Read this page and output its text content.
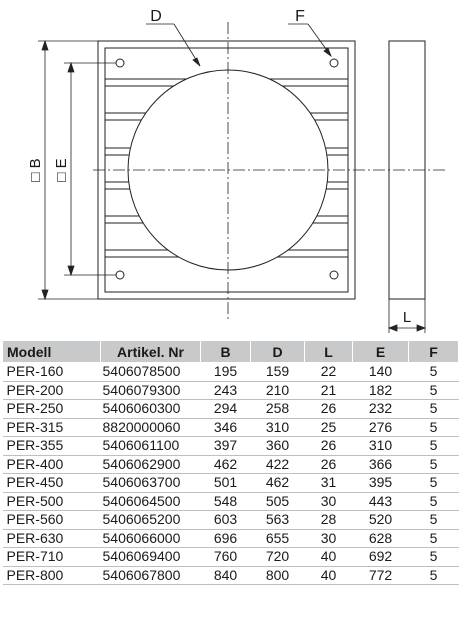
□ B □ E
D	F
L
Modell	Artikel. Nr	B	D	L	E	F
PER-160	5406078500	195	159	22	140	5
PER-200	5406079300	243	210	21	182	5
PER-250	5406060300	294	258	26	232	5
PER-315	8820000060	346	310	25	276	5
PER-355	5406061100	397	360	26	310	5
PER-400	5406062900	462	422	26	366	5
PER-450	5406063700	501	462	31	395	5
PER-500	5406064500	548	505	30	443	5
PER-560	5406065200	603	563	28	520	5
PER-630	5406066000	696	655	30	628	5
PER-710	5406069400	760	720	40	692	5
PER-800	5406067800	840	800	40	772	5
